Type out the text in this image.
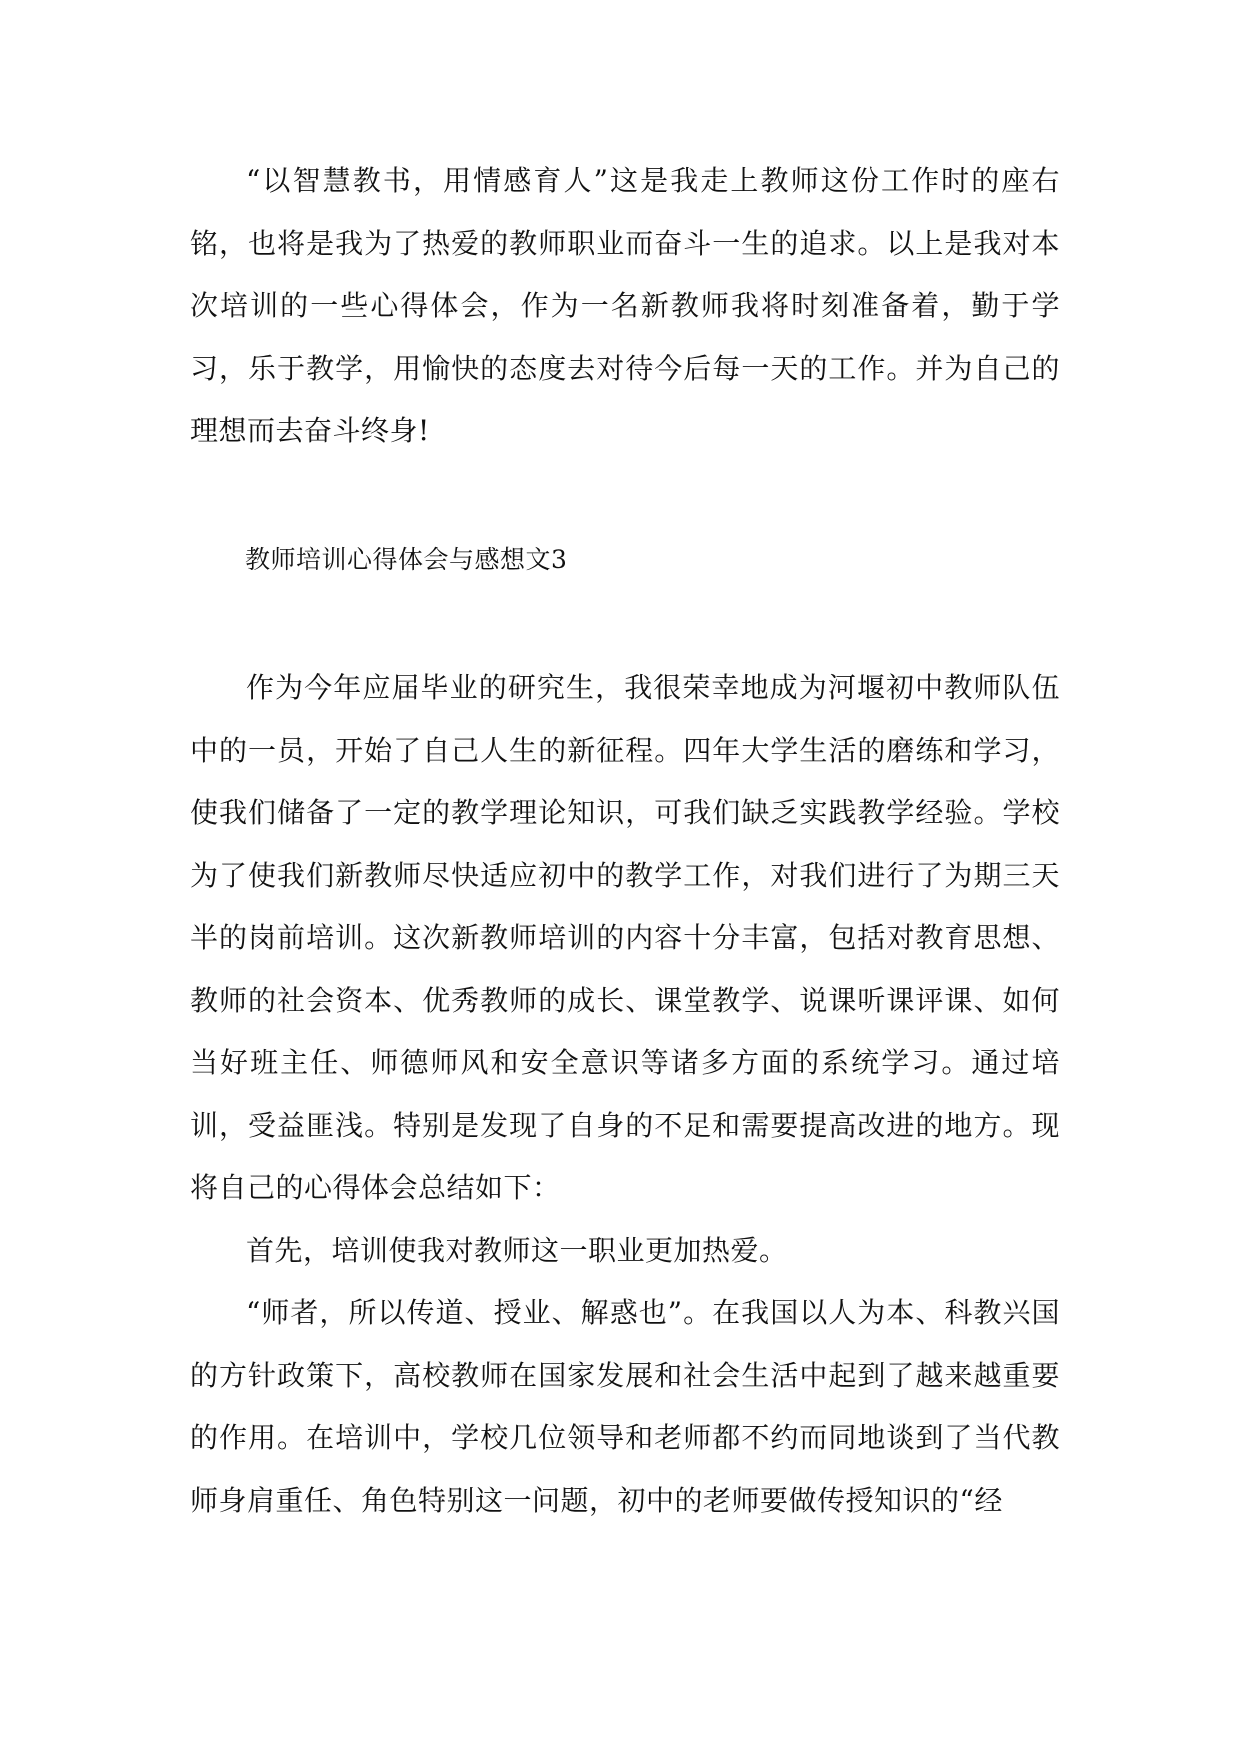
“以智慧教书，用情感育人”这是我走上教师这份工作时的座右铭，也将是我为了热爱的教师职业而奋斗一生的追求。以上是我对本次培训的一些心得体会，作为一名新教师我将时刻准备着，勤于学习，乐于教学，用愉快的态度去对待今后每一天的工作。并为自己的理想而去奋斗终身!

教师培训心得体会与感想文3

作为今年应届毕业的研究生，我很荣幸地成为河堰初中教师队伍中的一员，开始了自己人生的新征程。四年大学生活的磨练和学习，使我们储备了一定的教学理论知识，可我们缺乏实践教学经验。学校为了使我们新教师尽快适应初中的教学工作，对我们进行了为期三天半的岗前培训。这次新教师培训的内容十分丰富，包括对教育思想、教师的社会资本、优秀教师的成长、课堂教学、说课听课评课、如何当好班主任、师德师风和安全意识等诸多方面的系统学习。通过培训，受益匪浅。特别是发现了自身的不足和需要提高改进的地方。现将自己的心得体会总结如下：

首先，培训使我对教师这一职业更加热爱。

“师者，所以传道、授业、解惑也”。在我国以人为本、科教兴国的方针政策下，高校教师在国家发展和社会生活中起到了越来越重要的作用。在培训中，学校几位领导和老师都不约而同地谈到了当代教师身肩重任、角色特别这一问题，初中的老师要做传授知识的“经
